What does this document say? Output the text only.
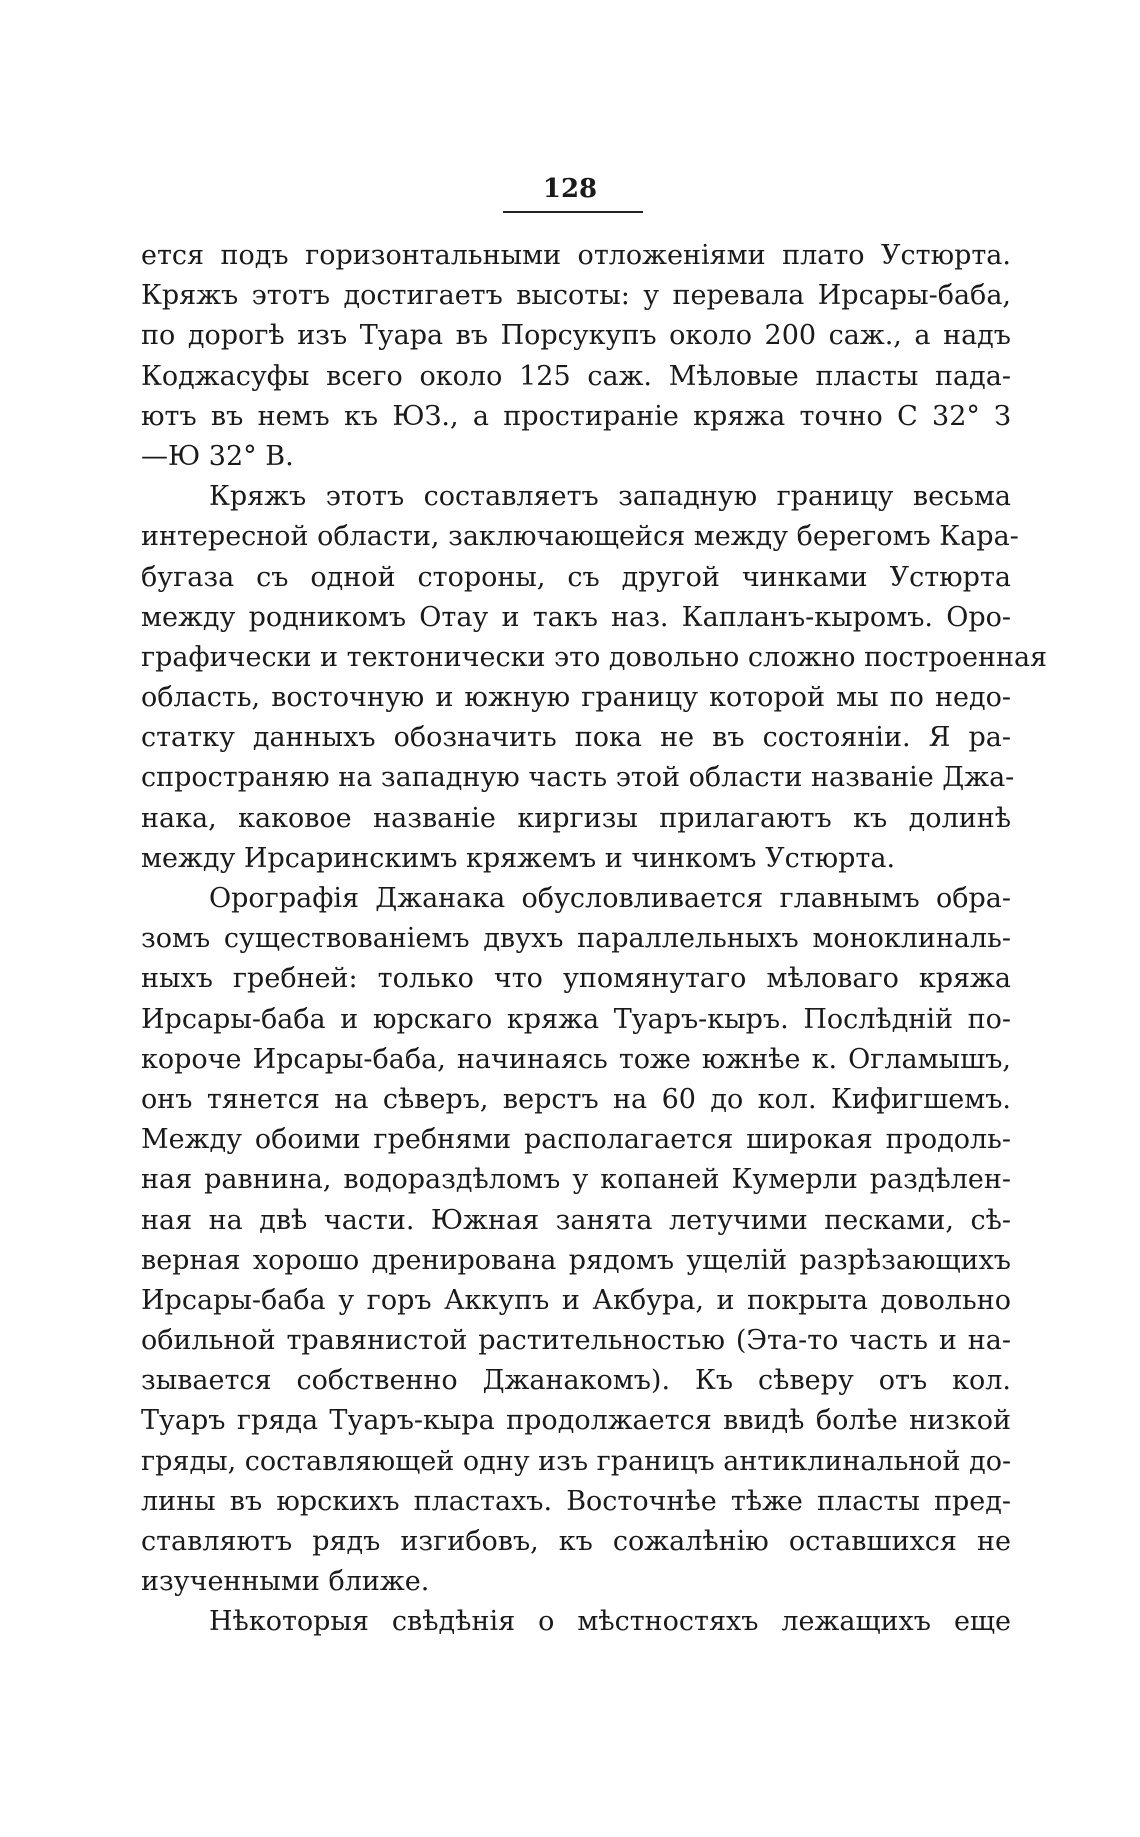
128
ется подъ горизонтальными отложеніями плато Устюрта.
Кряжъ этотъ достигаетъ высоты: у перевала Ирсары-баба,
по дорогѣ изъ Туара въ Порсукупъ около 200 саж., а надъ
Коджасуфы всего около 125 саж. Мѣловые пласты пада-
ютъ въ немъ къ ЮЗ., а простираніе кряжа точно С 32° З
—Ю 32° В.
Кряжъ этотъ составляетъ западную границу весьма
интересной области, заключающейся между берегомъ Кара-
бугаза съ одной стороны, съ другой чинками Устюрта
между родникомъ Отау и такъ наз. Капланъ-кыромъ. Оро-
графически и тектонически это довольно сложно построенная
область, восточную и южную границу которой мы по недо-
статку данныхъ обозначить пока не въ состояніи. Я ра-
спространяю на западную часть этой области названіе Джа-
нака, каковое названіе киргизы прилагаютъ къ долинѣ
между Ирсаринскимъ кряжемъ и чинкомъ Устюрта.
Орографія Джанака обусловливается главнымъ обра-
зомъ существованіемъ двухъ параллельныхъ моноклиналь-
ныхъ гребней: только что упомянутаго мѣловаго кряжа
Ирсары-баба и юрскаго кряжа Туаръ-кыръ. Послѣдній по-
короче Ирсары-баба, начинаясь тоже южнѣе к. Огламышъ,
онъ тянется на сѣверъ, верстъ на 60 до кол. Кифигшемъ.
Между обоими гребнями располагается широкая продоль-
ная равнина, водораздѣломъ у копаней Кумерли раздѣлен-
ная на двѣ части. Южная занята летучими песками, сѣ-
верная хорошо дренирована рядомъ ущелій разрѣзающихъ
Ирсары-баба у горъ Аккупъ и Акбура, и покрыта довольно
обильной травянистой растительностью (Эта-то часть и на-
зывается собственно Джанакомъ). Къ сѣверу отъ кол.
Туаръ гряда Туаръ-кыра продолжается ввидѣ болѣе низкой
гряды, составляющей одну изъ границъ антиклинальной до-
лины въ юрскихъ пластахъ. Восточнѣе тѣже пласты пред-
ставляютъ рядъ изгибовъ, къ сожалѣнію оставшихся не
изученными ближе.
Нѣкоторыя свѣдѣнія о мѣстностяхъ лежащихъ еще
